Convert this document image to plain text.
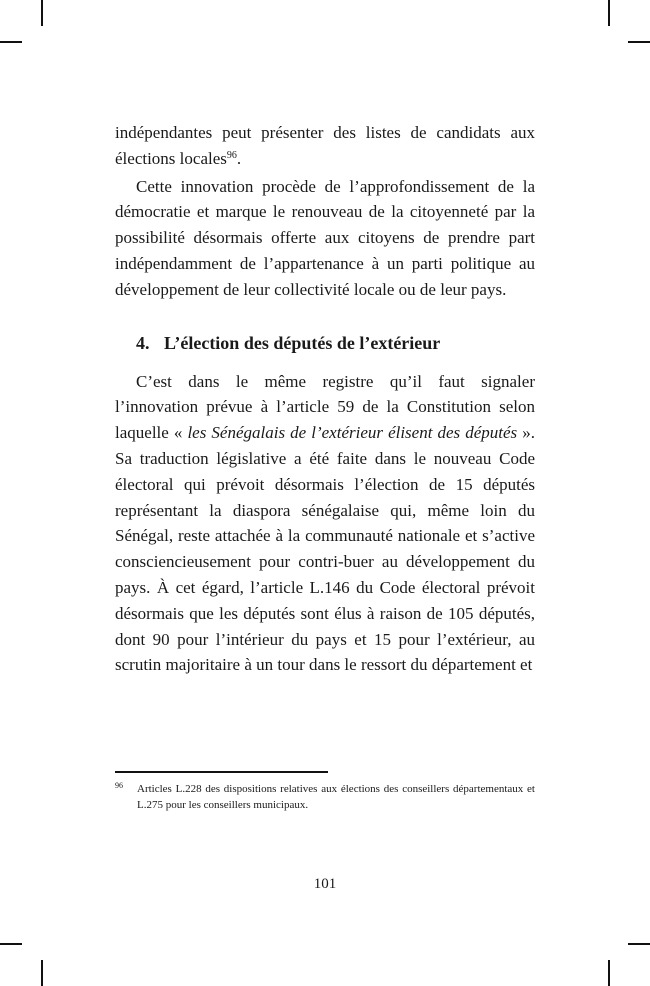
indépendantes peut présenter des listes de candidats aux élections locales$^{96}$.

Cette innovation procède de l’approfondissement de la démocratie et marque le renouveau de la citoyenneté par la possibilité désormais offerte aux citoyens de prendre part indépendamment de l’appartenance à un parti politique au développement de leur collectivité locale ou de leur pays.

4. L’élection des députés de l’extérieur

C’est dans le même registre qu’il faut signaler l’innovation prévue à l’article 59 de la Constitution selon laquelle « les Sénégalais de l’extérieur élisent des députés ». Sa traduction législative a été faite dans le nouveau Code électoral qui prévoit désormais l’élection de 15 députés représentant la diaspora sénégalaise qui, même loin du Sénégal, reste attachée à la communauté nationale et s’active consciencieusement pour contri-buer au développement du pays. À cet égard, l’article L.146 du Code électoral prévoit désormais que les députés sont élus à raison de 105 députés, dont 90 pour l’intérieur du pays et 15 pour l’extérieur, au scrutin majoritaire à un tour dans le ressort du département et

96 Articles L.228 des dispositions relatives aux élections des conseillers départementaux et L.275 pour les conseillers municipaux.
101
